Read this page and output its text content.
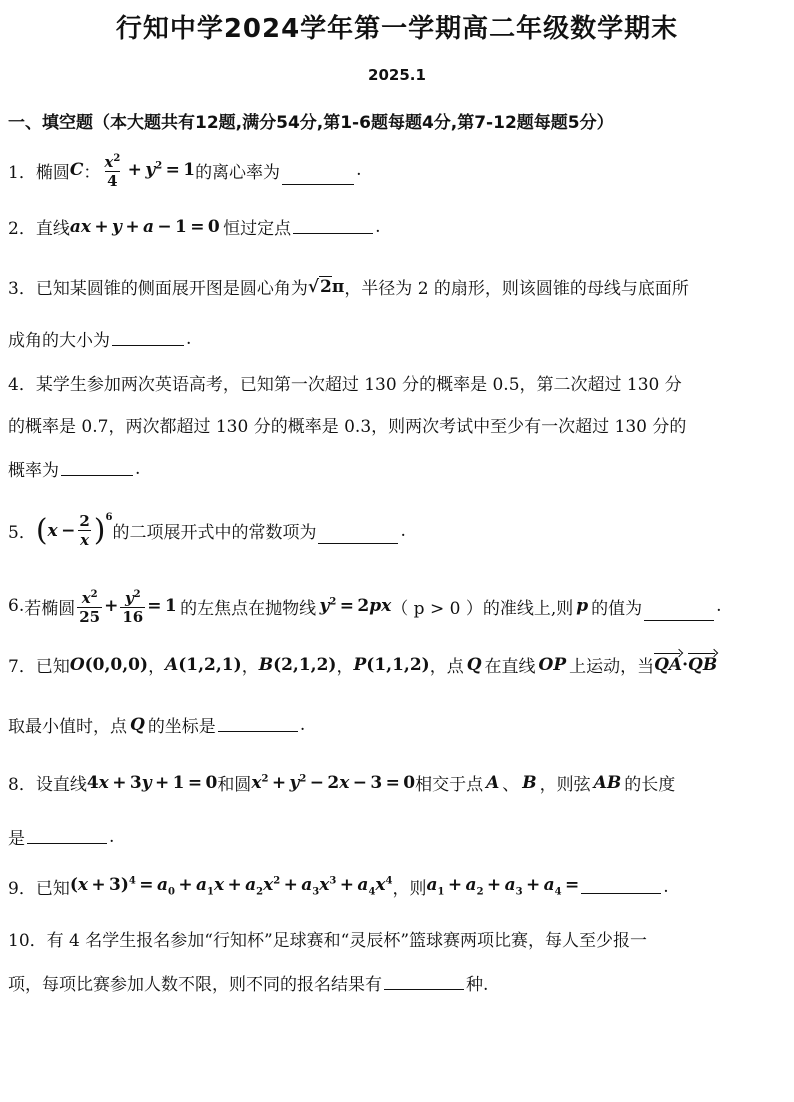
行知中学2024学年第一学期高二年级数学期末
2025.1
一、填空题（本大题共有12题,满分54分,第1-6题每题4分,第7-12题每题5分）
1． 椭圆 C ： $\frac{x^2}{4} + y^2 = 1$ 的离心率为	.
2． 直线 ax + y + a − 1 = 0  恒过定点	.
3． 已知某圆锥的侧面展开图是圆心角为 √2π ，半径为 2 的扇形，则该圆锥的母线与底面所
成角的大小为	.
4． 某学生参加两次英语高考，已知第一次超过 130 分的概率是 0.5，第二次超过 130 分
的概率是 0.7，两次都超过 130 分的概率是 0.3，则两次考试中至少有一次超过 130 分的
概率为	.
5． ( $x - \frac{2}{x} )^6$
的二项展开式中的常数项为	.
6. 若椭圆 $\frac{x^2}{25} + \frac{y^2}{16} = 1$  的左焦点在抛物线
  $y^2 = 2px$ （ p > 0 ） 的准线上,则 p 的值为	.
7． 已知 O(0,0,0) ， A(1,2,1) ， B(2,1,2) ， P(1,1,2) ，点 Q 在直线 OP 上运动，当 QA · QB
取最小值时，点 Q 的坐标是	.
8． 设直线 4x + 3y + 1 = 0 和圆 $x^2 + y^2 - 2x - 3 = 0$ 相交于点 A 、 B ，则弦 AB 的长度
是	.
9． 已知 $(x + 3)^4 = a_0 + a_1x + a_2x^2 + a_3x^3 + a_4x^4$ ，则 $a_1 + a_2 + a_3 + a_4$ =	.
10． 有 4 名学生报名参加“行知杯”足球赛和“灵辰杯”篮球赛两项比赛，每人至少报一
项，每项比赛参加人数不限，则不同的报名结果有	种.
